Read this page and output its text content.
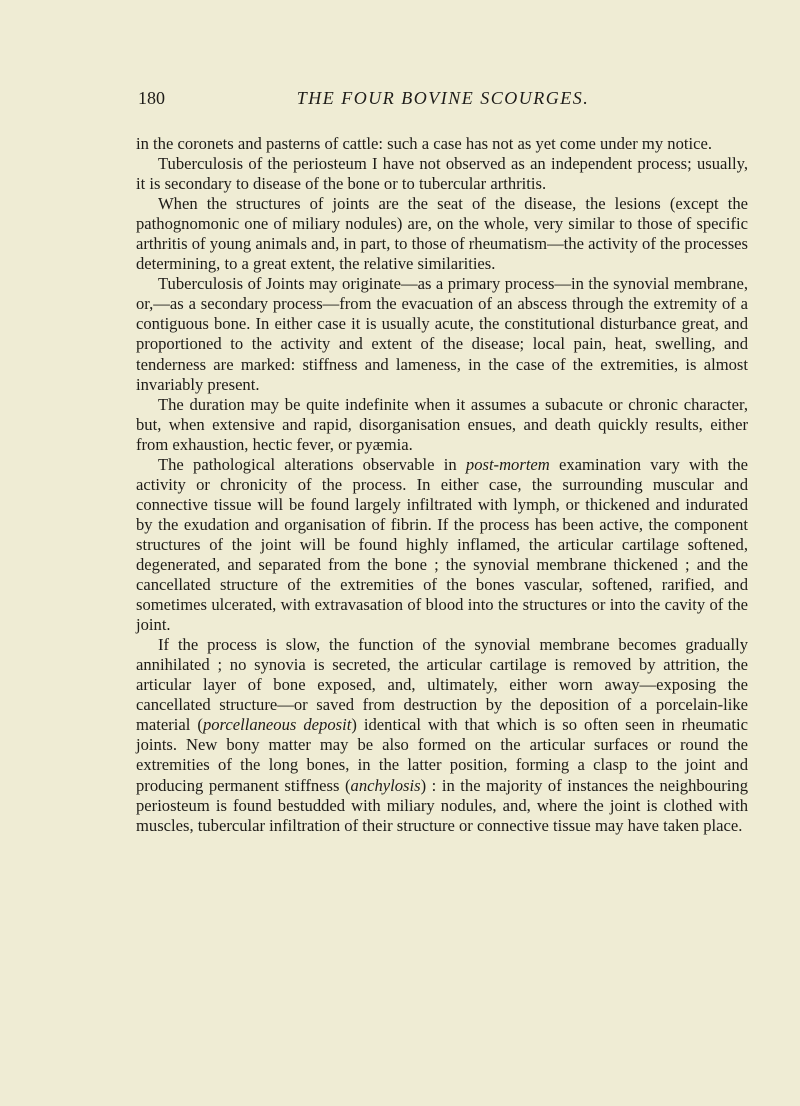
180	THE FOUR BOVINE SCOURGES.

in the coronets and pasterns of cattle: such a case has not as yet come under my notice.

Tuberculosis of the periosteum I have not observed as an independent process; usually, it is secondary to disease of the bone or to tubercular arthritis.

When the structures of joints are the seat of the disease, the lesions (except the pathognomonic one of miliary nodules) are, on the whole, very similar to those of specific arthritis of young animals and, in part, to those of rheumatism—the activity of the processes determining, to a great extent, the relative similarities.

Tuberculosis of Joints may originate—as a primary process—in the synovial membrane, or,—as a secondary process—from the evacuation of an abscess through the extremity of a contiguous bone. In either case it is usually acute, the constitutional disturbance great, and proportioned to the activity and extent of the disease; local pain, heat, swelling, and tenderness are marked: stiffness and lameness, in the case of the extremities, is almost invariably present.

The duration may be quite indefinite when it assumes a subacute or chronic character, but, when extensive and rapid, disorganisation ensues, and death quickly results, either from exhaustion, hectic fever, or pyæmia.

The pathological alterations observable in post-mortem examination vary with the activity or chronicity of the process. In either case, the surrounding muscular and connective tissue will be found largely infiltrated with lymph, or thickened and indurated by the exudation and organisation of fibrin. If the process has been active, the component structures of the joint will be found highly inflamed, the articular cartilage softened, degenerated, and separated from the bone ; the synovial membrane thickened ; and the cancellated structure of the extremities of the bones vascular, softened, rarified, and sometimes ulcerated, with extravasation of blood into the structures or into the cavity of the joint.

If the process is slow, the function of the synovial membrane becomes gradually annihilated ; no synovia is secreted, the articular cartilage is removed by attrition, the articular layer of bone exposed, and, ultimately, either worn away—exposing the cancellated structure—or saved from destruction by the deposition of a porcelain-like material (porcellaneous deposit) identical with that which is so often seen in rheumatic joints. New bony matter may be also formed on the articular surfaces or round the extremities of the long bones, in the latter position, forming a clasp to the joint and producing permanent stiffness (anchylosis) : in the majority of instances the neighbouring periosteum is found bestudded with miliary nodules, and, where the joint is clothed with muscles, tubercular infiltration of their structure or connective tissue may have taken place.
